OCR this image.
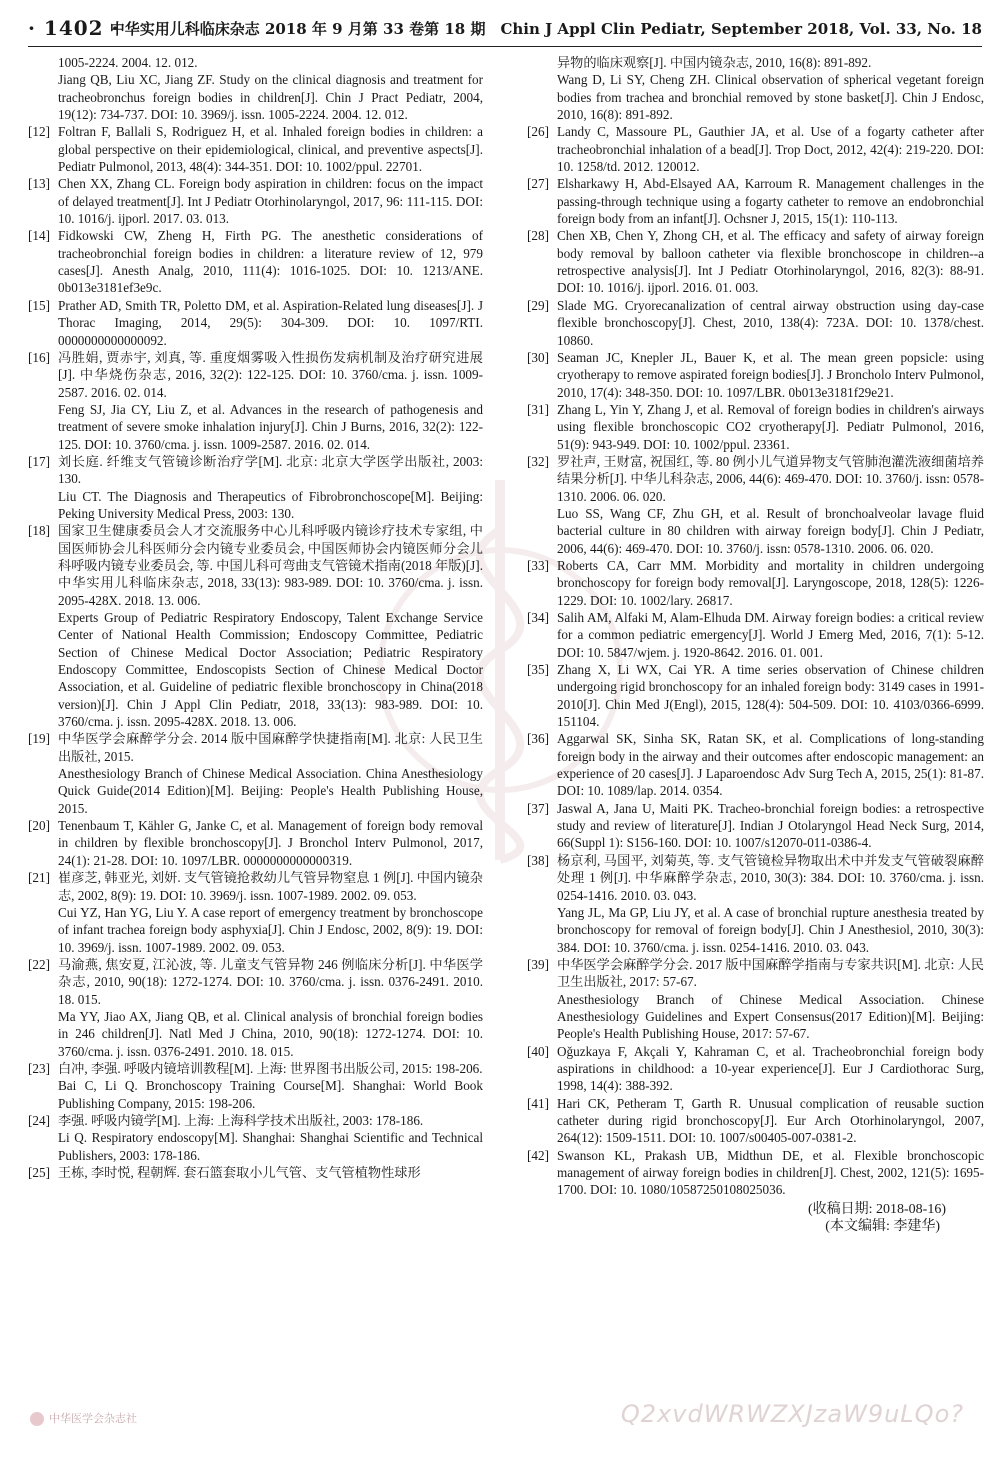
· 1402 ·
中华实用儿科临床杂志 2018 年 9 月第 33 卷第 18 期　Chin J Appl Clin Pediatr, September 2018, Vol. 33, No. 18

1005-2224. 2004. 12. 012.

Jiang QB, Liu XC, Jiang ZF. Study on the clinical diagnosis and treatment for tracheobronchus foreign bodies in children[J]. Chin J Pract Pediatr, 2004, 19(12): 734-737. DOI: 10. 3969/j. issn. 1005-2224. 2004. 12. 012.

[12] Foltran F, Ballali S, Rodriguez H, et al. Inhaled foreign bodies in children: a global perspective on their epidemiological, clinical, and preventive aspects[J]. Pediatr Pulmonol, 2013, 48(4): 344-351. DOI: 10. 1002/ppul. 22701.

[13] Chen XX, Zhang CL. Foreign body aspiration in children: focus on the impact of delayed treatment[J]. Int J Pediatr Otorhinolaryngol, 2017, 96: 111-115. DOI: 10. 1016/j. ijporl. 2017. 03. 013.

[14] Fidkowski CW, Zheng H, Firth PG. The anesthetic considerations of tracheobronchial foreign bodies in children: a literature review of 12, 979 cases[J]. Anesth Analg, 2010, 111(4): 1016-1025. DOI: 10. 1213/ANE. 0b013e3181ef3e9c.

[15] Prather AD, Smith TR, Poletto DM, et al. Aspiration-Related lung diseases[J]. J Thorac Imaging, 2014, 29(5): 304-309. DOI: 10. 1097/RTI. 0000000000000092.

[16] 冯胜娟, 贾赤宇, 刘真, 等. 重度烟雾吸入性损伤发病机制及治疗研究进展[J]. 中华烧伤杂志, 2016, 32(2): 122-125. DOI: 10. 3760/cma. j. issn. 1009-2587. 2016. 02. 014.

Feng SJ, Jia CY, Liu Z, et al. Advances in the research of pathogenesis and treatment of severe smoke inhalation injury[J]. Chin J Burns, 2016, 32(2): 122-125. DOI: 10. 3760/cma. j. issn. 1009-2587. 2016. 02. 014.

[17] 刘长庭. 纤维支气管镜诊断治疗学[M]. 北京: 北京大学医学出版社, 2003: 130.

Liu CT. The Diagnosis and Therapeutics of Fibrobronchoscope[M]. Beijing: Peking University Medical Press, 2003: 130.

[18] 国家卫生健康委员会人才交流服务中心儿科呼吸内镜诊疗技术专家组, 中国医师协会儿科医师分会内镜专业委员会, 中国医师协会内镜医师分会儿科呼吸内镜专业委员会, 等. 中国儿科可弯曲支气管镜术指南(2018 年版)[J]. 中华实用儿科临床杂志, 2018, 33(13): 983-989. DOI: 10. 3760/cma. j. issn. 2095-428X. 2018. 13. 006.

Experts Group of Pediatric Respiratory Endoscopy, Talent Exchange Service Center of National Health Commission; Endoscopy Committee, Pediatric Section of Chinese Medical Doctor Association; Pediatric Respiratory Endoscopy Committee, Endoscopists Section of Chinese Medical Doctor Association, et al. Guideline of pediatric flexible bronchoscopy in China(2018 version)[J]. Chin J Appl Clin Pediatr, 2018, 33(13): 983-989. DOI: 10. 3760/cma. j. issn. 2095-428X. 2018. 13. 006.

[19] 中华医学会麻醉学分会. 2014 版中国麻醉学快捷指南[M]. 北京: 人民卫生出版社, 2015.

Anesthesiology Branch of Chinese Medical Association. China Anesthesiology Quick Guide(2014 Edition)[M]. Beijing: People's Health Publishing House, 2015.

[20] Tenenbaum T, Kähler G, Janke C, et al. Management of foreign body removal in children by flexible bronchoscopy[J]. J Bronchol Interv Pulmonol, 2017, 24(1): 21-28. DOI: 10. 1097/LBR. 0000000000000319.

[21] 崔彦芝, 韩亚光, 刘妍. 支气管镜抢救幼儿气管异物窒息 1 例[J]. 中国内镜杂志, 2002, 8(9): 19. DOI: 10. 3969/j. issn. 1007-1989. 2002. 09. 053.

Cui YZ, Han YG, Liu Y. A case report of emergency treatment by bronchoscope of infant trachea foreign body asphyxia[J]. Chin J Endosc, 2002, 8(9): 19. DOI: 10. 3969/j. issn. 1007-1989. 2002. 09. 053.

[22] 马渝燕, 焦安夏, 江沁波, 等. 儿童支气管异物 246 例临床分析[J]. 中华医学杂志, 2010, 90(18): 1272-1274. DOI: 10. 3760/cma. j. issn. 0376-2491. 2010. 18. 015.

Ma YY, Jiao AX, Jiang QB, et al. Clinical analysis of bronchial foreign bodies in 246 children[J]. Natl Med J China, 2010, 90(18): 1272-1274. DOI: 10. 3760/cma. j. issn. 0376-2491. 2010. 18. 015.

[23] 白冲, 李强. 呼吸内镜培训教程[M]. 上海: 世界图书出版公司, 2015: 198-206.

Bai C, Li Q. Bronchoscopy Training Course[M]. Shanghai: World Book Publishing Company, 2015: 198-206.

[24] 李强. 呼吸内镜学[M]. 上海: 上海科学技术出版社, 2003: 178-186.

Li Q. Respiratory endoscopy[M]. Shanghai: Shanghai Scientific and Technical Publishers, 2003: 178-186.

[25] 王栋, 李时悦, 程朝辉. 套石篮套取小儿气管、支气管植物性球形

异物的临床观察[J]. 中国内镜杂志, 2010, 16(8): 891-892.

Wang D, Li SY, Cheng ZH. Clinical observation of spherical vegetant foreign bodies from trachea and bronchial removed by stone basket[J]. Chin J Endosc, 2010, 16(8): 891-892.

[26] Landy C, Massoure PL, Gauthier JA, et al. Use of a fogarty catheter after tracheobronchial inhalation of a bead[J]. Trop Doct, 2012, 42(4): 219-220. DOI: 10. 1258/td. 2012. 120012.

[27] Elsharkawy H, Abd-Elsayed AA, Karroum R. Management challenges in the passing-through technique using a fogarty catheter to remove an endobronchial foreign body from an infant[J]. Ochsner J, 2015, 15(1): 110-113.

[28] Chen XB, Chen Y, Zhong CH, et al. The efficacy and safety of airway foreign body removal by balloon catheter via flexible bronchoscope in children--a retrospective analysis[J]. Int J Pediatr Otorhinolaryngol, 2016, 82(3): 88-91. DOI: 10. 1016/j. ijporl. 2016. 01. 003.

[29] Slade MG. Cryorecanalization of central airway obstruction using day-case flexible bronchoscopy[J]. Chest, 2010, 138(4): 723A. DOI: 10. 1378/chest. 10860.

[30] Seaman JC, Knepler JL, Bauer K, et al. The mean green popsicle: using cryotherapy to remove aspirated foreign bodies[J]. J Broncholo Interv Pulmonol, 2010, 17(4): 348-350. DOI: 10. 1097/LBR. 0b013e3181f29e21.

[31] Zhang L, Yin Y, Zhang J, et al. Removal of foreign bodies in children's airways using flexible bronchoscopic CO2 cryotherapy[J]. Pediatr Pulmonol, 2016, 51(9): 943-949. DOI: 10. 1002/ppul. 23361.

[32] 罗社声, 王财富, 祝国红, 等. 80 例小儿气道异物支气管肺泡灌洗液细菌培养结果分析[J]. 中华儿科杂志, 2006, 44(6): 469-470. DOI: 10. 3760/j. issn: 0578-1310. 2006. 06. 020.

Luo SS, Wang CF, Zhu GH, et al. Result of bronchoalveolar lavage fluid bacterial culture in 80 children with airway foreign body[J]. Chin J Pediatr, 2006, 44(6): 469-470. DOI: 10. 3760/j. issn: 0578-1310. 2006. 06. 020.

[33] Roberts CA, Carr MM. Morbidity and mortality in children undergoing bronchoscopy for foreign body removal[J]. Laryngoscope, 2018, 128(5): 1226-1229. DOI: 10. 1002/lary. 26817.

[34] Salih AM, Alfaki M, Alam-Elhuda DM. Airway foreign bodies: a critical review for a common pediatric emergency[J]. World J Emerg Med, 2016, 7(1): 5-12. DOI: 10. 5847/wjem. j. 1920-8642. 2016. 01. 001.

[35] Zhang X, Li WX, Cai YR. A time series observation of Chinese children undergoing rigid bronchoscopy for an inhaled foreign body: 3149 cases in 1991-2010[J]. Chin Med J(Engl), 2015, 128(4): 504-509. DOI: 10. 4103/0366-6999. 151104.

[36] Aggarwal SK, Sinha SK, Ratan SK, et al. Complications of long-standing foreign body in the airway and their outcomes after endoscopic management: an experience of 20 cases[J]. J Laparoendosc Adv Surg Tech A, 2015, 25(1): 81-87. DOI: 10. 1089/lap. 2014. 0354.

[37] Jaswal A, Jana U, Maiti PK. Tracheo-bronchial foreign bodies: a retrospective study and review of literature[J]. Indian J Otolaryngol Head Neck Surg, 2014, 66(Suppl 1): S156-160. DOI: 10. 1007/s12070-011-0386-4.

[38] 杨京利, 马国平, 刘菊英, 等. 支气管镜检异物取出术中并发支气管破裂麻醉处理 1 例[J]. 中华麻醉学杂志, 2010, 30(3): 384. DOI: 10. 3760/cma. j. issn. 0254-1416. 2010. 03. 043.

Yang JL, Ma GP, Liu JY, et al. A case of bronchial rupture anesthesia treated by bronchoscopy for removal of foreign body[J]. Chin J Anesthesiol, 2010, 30(3): 384. DOI: 10. 3760/cma. j. issn. 0254-1416. 2010. 03. 043.

[39] 中华医学会麻醉学分会. 2017 版中国麻醉学指南与专家共识[M]. 北京: 人民卫生出版社, 2017: 57-67.

Anesthesiology Branch of Chinese Medical Association. Chinese Anesthesiology Guidelines and Expert Consensus(2017 Edition)[M]. Beijing: People's Health Publishing House, 2017: 57-67.

[40] Oǧuzkaya F, Akçali Y, Kahraman C, et al. Tracheobronchial foreign body aspirations in childhood: a 10-year experience[J]. Eur J Cardiothorac Surg, 1998, 14(4): 388-392.

[41] Hari CK, Petheram T, Garth R. Unusual complication of reusable suction catheter during rigid bronchoscopy[J]. Eur Arch Otorhinolaryngol, 2007, 264(12): 1509-1511. DOI: 10. 1007/s00405-007-0381-2.

[42] Swanson KL, Prakash UB, Midthun DE, et al. Flexible bronchoscopic management of airway foreign bodies in children[J]. Chest, 2002, 121(5): 1695-1700. DOI: 10. 1080/10587250108025036.

(收稿日期: 2018-08-16)
(本文编辑: 李建华)
中华医学会杂志社	Q2xvdWRWZXJzaW9uLQo?
